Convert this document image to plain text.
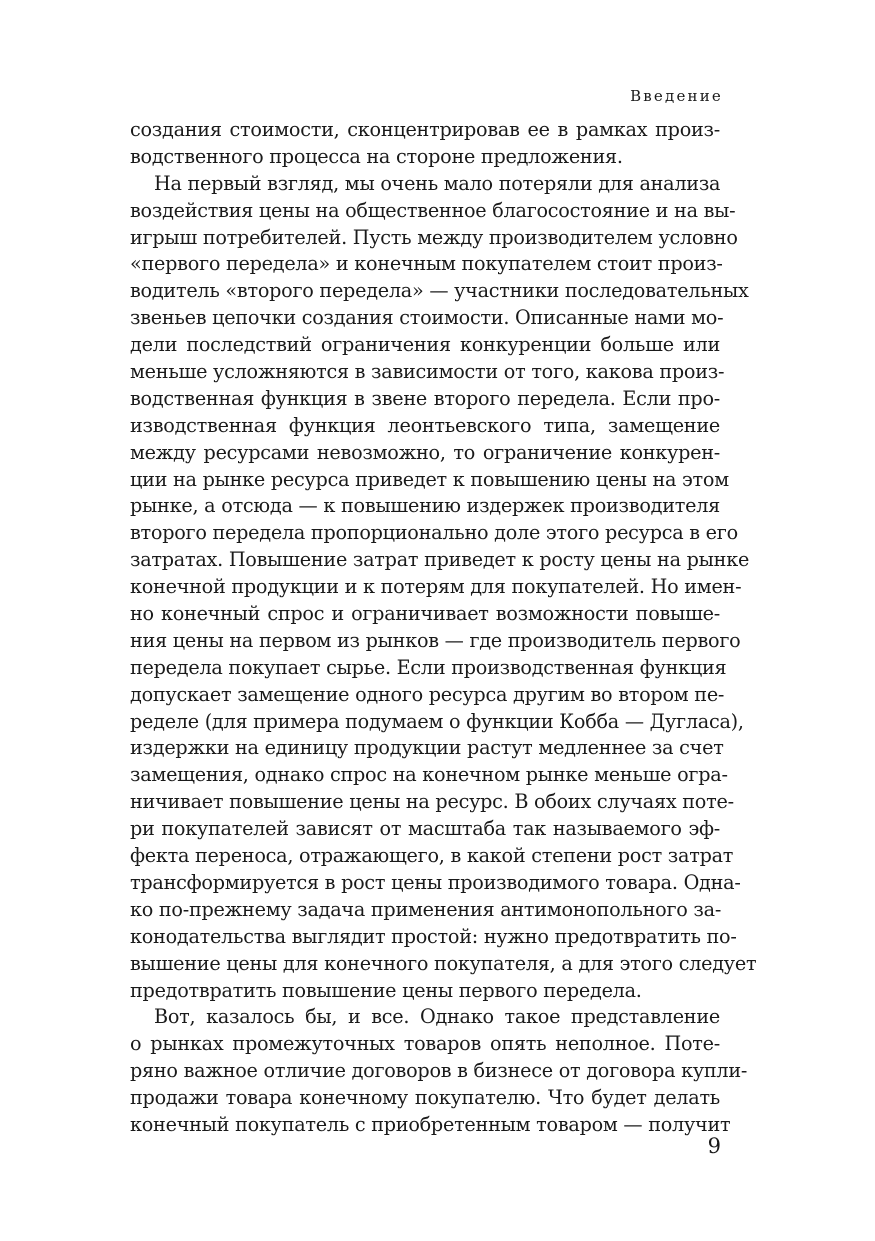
Введение
создания стоимости, сконцентрировав ее в рамках произ-
водственного процесса на стороне предложения.
На первый взгляд, мы очень мало потеряли для анализа
воздействия цены на общественное благосостояние и на вы-
игрыш потребителей. Пусть между производителем условно
«первого передела» и конечным покупателем стоит произ-
водитель «второго передела» — участники последовательных
звеньев цепочки создания стоимости. Описанные нами мо-
дели последствий ограничения конкуренции больше или
меньше усложняются в зависимости от того, какова произ-
водственная функция в звене второго передела. Если про-
изводственная функция леонтьевского типа, замещение
между ресурсами невозможно, то ограничение конкурен-
ции на рынке ресурса приведет к повышению цены на этом
рынке, а отсюда — к повышению издержек производителя
второго передела пропорционально доле этого ресурса в его
затратах. Повышение затрат приведет к росту цены на рынке
конечной продукции и к потерям для покупателей. Но имен-
но конечный спрос и ограничивает возможности повыше-
ния цены на первом из рынков — где производитель первого
передела покупает сырье. Если производственная функция
допускает замещение одного ресурса другим во втором пе-
ределе (для примера подумаем о функции Кобба — Дугласа),
издержки на единицу продукции растут медленнее за счет
замещения, однако спрос на конечном рынке меньше огра-
ничивает повышение цены на ресурс. В обоих случаях поте-
ри покупателей зависят от масштаба так называемого эф-
фекта переноса, отражающего, в какой степени рост затрат
трансформируется в рост цены производимого товара. Одна-
ко по-прежнему задача применения антимонопольного за-
конодательства выглядит простой: нужно предотвратить по-
вышение цены для конечного покупателя, а для этого следует
предотвратить повышение цены первого передела.
Вот, казалось бы, и все. Однако такое представление
о рынках промежуточных товаров опять неполное. Поте-
ряно важное отличие договоров в бизнесе от договора купли-
продажи товара конечному покупателю. Что будет делать
конечный покупатель с приобретенным товаром — получит
9
